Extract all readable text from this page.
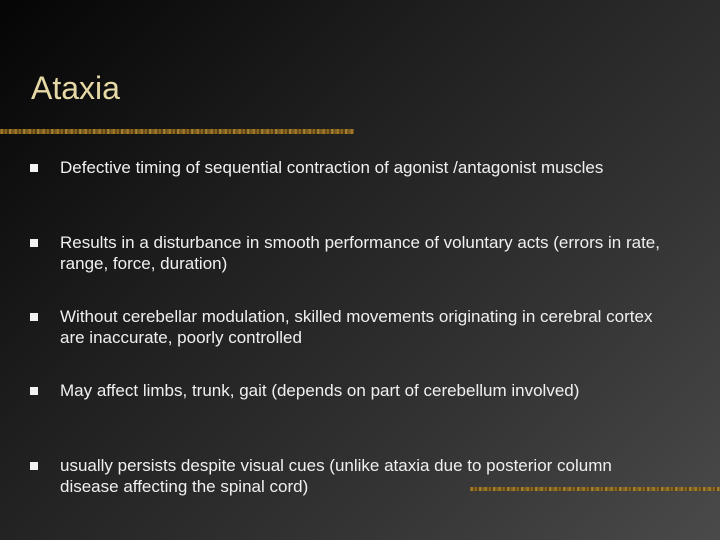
Ataxia
Defective timing of sequential contraction of agonist /antagonist muscles
Results in a disturbance in smooth performance of voluntary acts (errors in rate, range, force, duration)
Without cerebellar modulation, skilled movements originating in cerebral cortex are inaccurate, poorly controlled
May affect limbs, trunk, gait (depends on part of cerebellum involved)
usually persists despite visual cues (unlike ataxia due to posterior column disease affecting the spinal cord)
